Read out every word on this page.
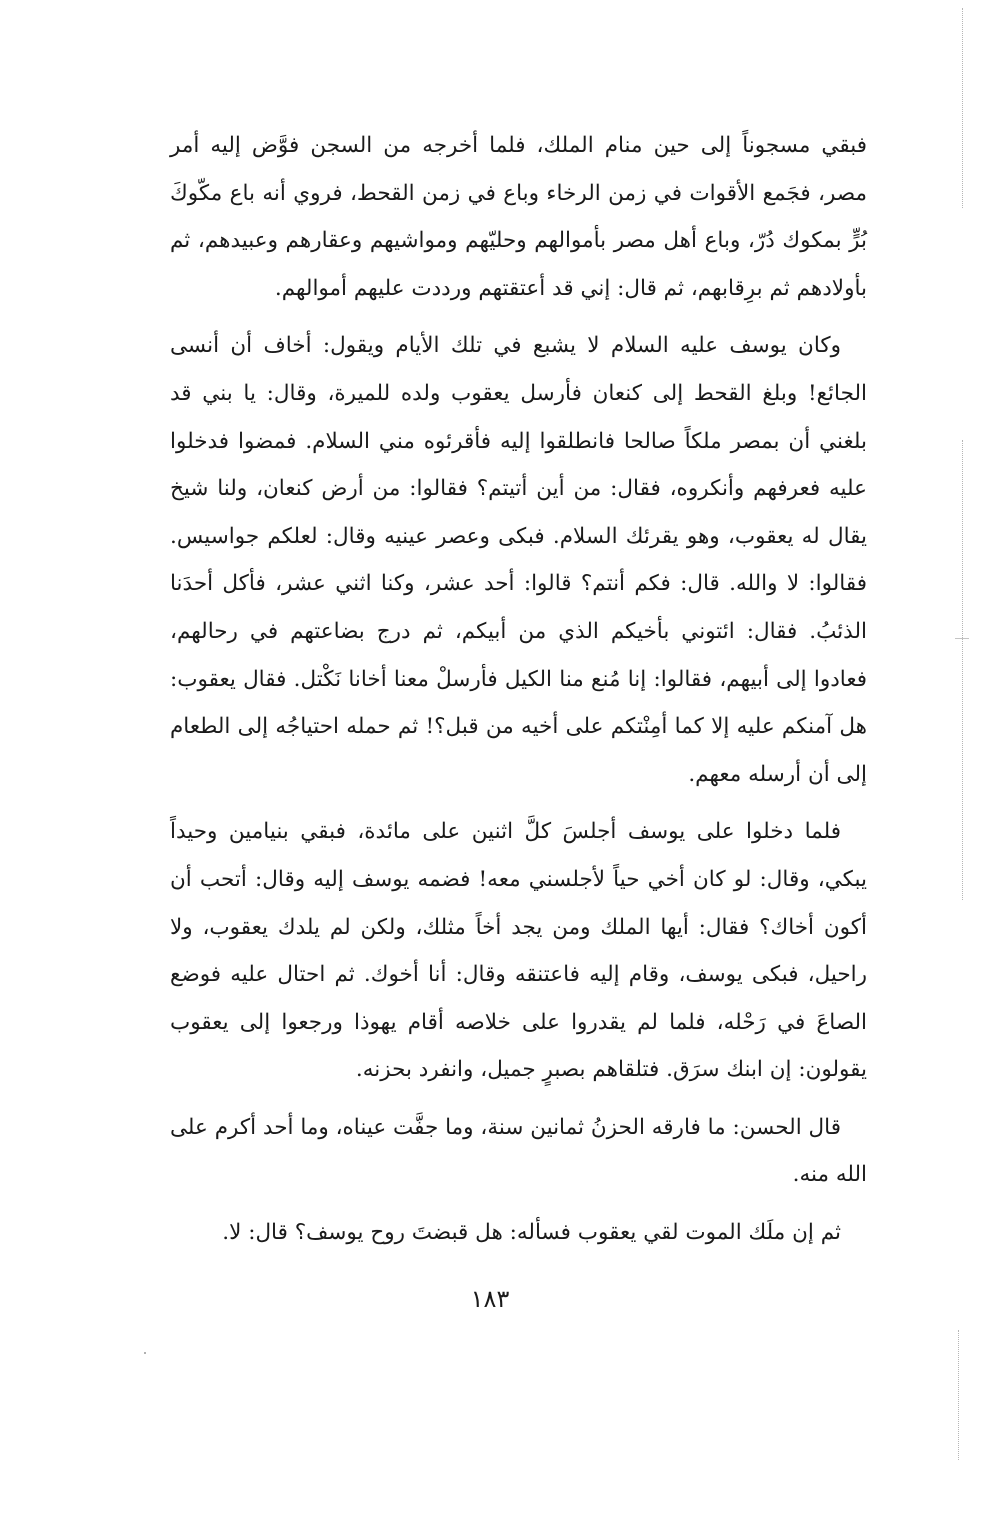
فبقي مسجوناً إلى حين منام الملك، فلما أخرجه من السجن فوَّض إليه أمر مصر، فجَمع الأقوات في زمن الرخاء وباع في زمن القحط، فروي أنه باع مكّوكَ بُرٍّ بمكوك دُرّ، وباع أهل مصر بأموالهم وحليّهم ومواشيهم وعقارهم وعبيدهم، ثم بأولادهم ثم برِقابهم، ثم قال: إني قد أعتقتهم ورددت عليهم أموالهم.

وكان يوسف عليه السلام لا يشبع في تلك الأيام ويقول: أخاف أن أنسى الجائع! وبلغ القحط إلى كنعان فأرسل يعقوب ولده للميرة، وقال: يا بني قد بلغني أن بمصر ملكاً صالحا فانطلقوا إليه فأقرئوه مني السلام. فمضوا فدخلوا عليه فعرفهم وأنكروه، فقال: من أين أتيتم؟ فقالوا: من أرض كنعان، ولنا شيخ يقال له يعقوب، وهو يقرئك السلام. فبكى وعصر عينيه وقال: لعلكم جواسيس. فقالوا: لا والله. قال: فكم أنتم؟ قالوا: أحد عشر، وكنا اثني عشر، فأكل أحدَنا الذئبُ. فقال: ائتوني بأخيكم الذي من أبيكم، ثم درج بضاعتهم في رحالهم، فعادوا إلى أبيهم، فقالوا: إنا مُنع منا الكيل فأرسلْ معنا أخانا نَكْتل. فقال يعقوب: هل آمنكم عليه إلا كما أمِنْتكم على أخيه من قبل؟! ثم حمله احتياجُه إلى الطعام إلى أن أرسله معهم.

فلما دخلوا على يوسف أجلسَ كلَّ اثنين على مائدة، فبقي بنيامين وحيداً يبكي، وقال: لو كان أخي حياً لأجلسني معه! فضمه يوسف إليه وقال: أتحب أن أكون أخاك؟ فقال: أيها الملك ومن يجد أخاً مثلك، ولكن لم يلدك يعقوب، ولا راحيل، فبكى يوسف، وقام إليه فاعتنقه وقال: أنا أخوك. ثم احتال عليه فوضع الصاعَ في رَحْله، فلما لم يقدروا على خلاصه أقام يهوذا ورجعوا إلى يعقوب يقولون: إن ابنك سرَق. فتلقاهم بصبرٍ جميل، وانفرد بحزنه.

قال الحسن: ما فارقه الحزنُ ثمانين سنة، وما جفَّت عيناه، وما أحد أكرم على الله منه.

ثم إن ملَك الموت لقي يعقوب فسأله: هل قبضتَ روح يوسف؟ قال: لا.

١٨٣
